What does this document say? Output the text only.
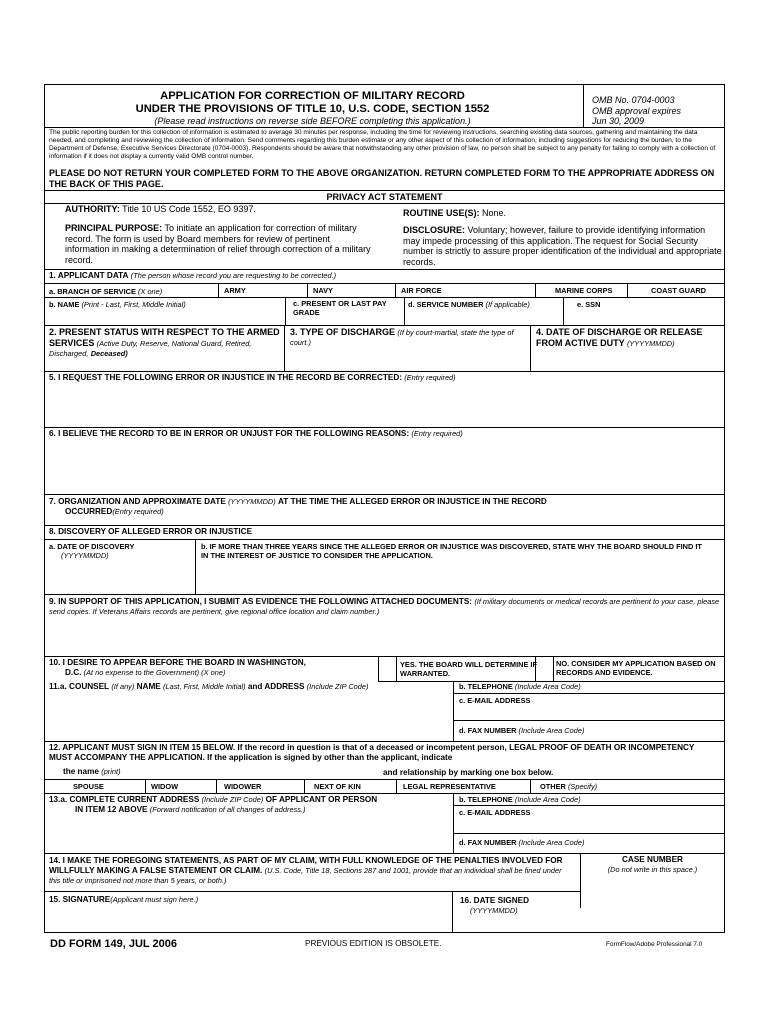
APPLICATION FOR CORRECTION OF MILITARY RECORD
UNDER THE PROVISIONS OF TITLE 10, U.S. CODE, SECTION 1552
(Please read instructions on reverse side BEFORE completing this application.)
OMB No. 0704-0003
OMB approval expires
Jun 30, 2009
The public reporting burden for this collection of information is estimated to average 30 minutes per response, including the time for reviewing instructions, searching existing data sources, gathering and maintaining the data needed, and completing and reviewing the collection of information. Send comments regarding this burden estimate or any other aspect of this collection of information, including suggestions for reducing the burden, to the Department of Defense, Executive Services Directorate (0704-0003). Respondents should be aware that notwithstanding any other provision of law, no person shall be subject to any penalty for failing to comply with a collection of information if it does not display a currently valid OMB control number.
PLEASE DO NOT RETURN YOUR COMPLETED FORM TO THE ABOVE ORGANIZATION. RETURN COMPLETED FORM TO THE APPROPRIATE ADDRESS ON THE BACK OF THIS PAGE.
PRIVACY ACT STATEMENT
AUTHORITY: Title 10 US Code 1552, EO 9397.
PRINCIPAL PURPOSE: To initiate an application for correction of military record. The form is used by Board members for review of pertinent information in making a determination of relief through correction of a military record.
ROUTINE USE(S): None.
DISCLOSURE: Voluntary; however, failure to provide identifying information may impede processing of this application. The request for Social Security number is strictly to assure proper identification of the individual and appropriate records.
1. APPLICANT DATA (The person whose record you are requesting to be corrected.)
a. BRANCH OF SERVICE (X one)	ARMY	NAVY	AIR FORCE	MARINE CORPS	COAST GUARD
b. NAME (Print - Last, First, Middle Initial)	c. PRESENT OR LAST PAY GRADE
d. SERVICE NUMBER (If applicable)	e. SSN
2. PRESENT STATUS WITH RESPECT TO THE ARMED SERVICES (Active Duty, Reserve, National Guard, Retired, Discharged, Deceased)
3. TYPE OF DISCHARGE (If by court-martial, state the type of court.)
4. DATE OF DISCHARGE OR RELEASE FROM ACTIVE DUTY (YYYYMMDD)
5. I REQUEST THE FOLLOWING ERROR OR INJUSTICE IN THE RECORD BE CORRECTED: (Entry required)
6. I BELIEVE THE RECORD TO BE IN ERROR OR UNJUST FOR THE FOLLOWING REASONS: (Entry required)
7. ORGANIZATION AND APPROXIMATE DATE (YYYYMMDD) AT THE TIME THE ALLEGED ERROR OR INJUSTICE IN THE RECORD
OCCURRED(Entry required)
8. DISCOVERY OF ALLEGED ERROR OR INJUSTICE
a. DATE OF DISCOVERY
(YYYYMMDD)
b. IF MORE THAN THREE YEARS SINCE THE ALLEGED ERROR OR INJUSTICE WAS DISCOVERED, STATE WHY THE BOARD SHOULD FIND IT IN THE INTEREST OF JUSTICE TO CONSIDER THE APPLICATION.
9. IN SUPPORT OF THIS APPLICATION, I SUBMIT AS EVIDENCE THE FOLLOWING ATTACHED DOCUMENTS: (If military documents or medical records are pertinent to your case, please send copies. If Veterans Affairs records are pertinent, give regional office location and claim number.)
10. I DESIRE TO APPEAR BEFORE THE BOARD IN WASHINGTON,
D.C. (At no expense to the Government) (X one)
YES. THE BOARD WILL DETERMINE IF WARRANTED.
NO. CONSIDER MY APPLICATION BASED ON RECORDS AND EVIDENCE.
11.a. COUNSEL (If any) NAME (Last, First, Middle Initial) and ADDRESS (Include ZIP Code)	b. TELEPHONE (Include Area Code)
c. E-MAIL ADDRESS
d. FAX NUMBER (Include Area Code)
12. APPLICANT MUST SIGN IN ITEM 15 BELOW. If the record in question is that of a deceased or incompetent person, LEGAL PROOF OF DEATH OR INCOMPETENCY MUST ACCOMPANY THE APPLICATION. If the application is signed by other than the applicant, indicate
the name (print)	and relationship by marking one box below.
SPOUSE	WIDOW	WIDOWER	NEXT OF KIN	LEGAL REPRESENTATIVE	OTHER (Specify)
13.a. COMPLETE CURRENT ADDRESS (Include ZIP Code) OF APPLICANT OR PERSON
IN ITEM 12 ABOVE (Forward notification of all changes of address.)
b. TELEPHONE (Include Area Code)
c. E-MAIL ADDRESS
d. FAX NUMBER (Include Area Code)
14. I MAKE THE FOREGOING STATEMENTS, AS PART OF MY CLAIM, WITH FULL KNOWLEDGE OF THE PENALTIES INVOLVED FOR WILLFULLY MAKING A FALSE STATEMENT OR CLAIM. (U.S. Code, Title 18, Sections 287 and 1001, provide that an individual shall be fined under this title or imprisoned not more than 5 years, or both.)
CASE NUMBER
(Do not write in this space.)
15. SIGNATURE(Applicant must sign here.)	16. DATE SIGNED
(YYYYMMDD)
DD FORM 149, JUL 2006	PREVIOUS EDITION IS OBSOLETE.	FormFlow/Adobe Professional 7.0
